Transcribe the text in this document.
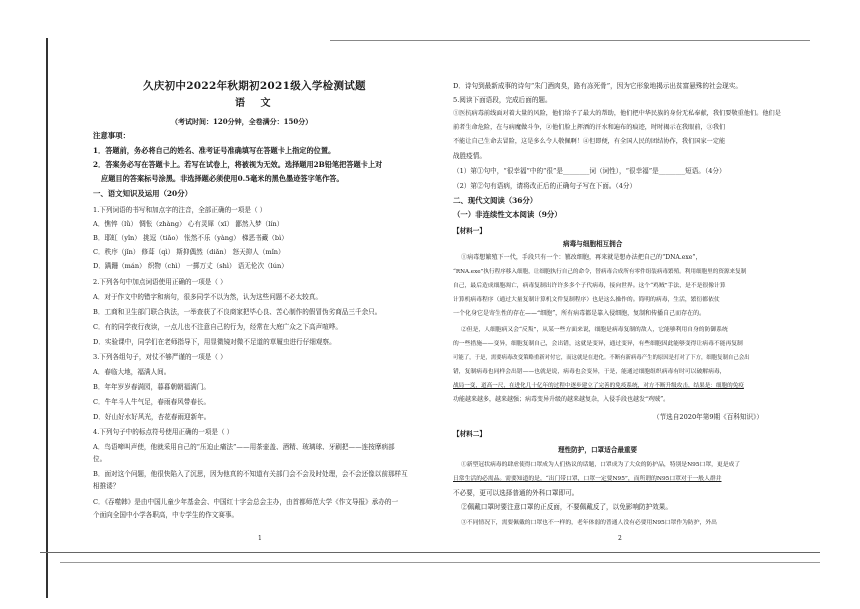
久庆初中2022年秋期初2021级入学检测试题
语 文
（考试时间：120分钟，全卷满分：150分）
注意事项：
1．答题前，务必将自己的姓名、准考证号准确填写在答题卡上指定的位置。
2．答案务必写在答题卡上。若写在试卷上，将被视为无效。选择题用2B铅笔把答题卡上对
应题目的答案标号涂黑。非选择题必须使用0.5毫米的黑色墨迹签字笔作答。
一、语文知识及运用（20分）
1.下列词语的书写和加点字的注音，全部正确的一项是（ ）
A．憔悴（lǜ） 惆怅（zhàng） 心有灵犀（xī） 鄙然入梦（lín）
B．耶虹（yǐn） 挑逗（tiǎo） 怅然不乐（yàng） 梯恶书藏（bì）
C．秩序（jǐn） 修葺（qì） 斯抑偶然（diǎn） 怒天抑人（mǐn）
D．蹒跚（mán） 织物（chì） 一掷万丈（shì） 语无伦次（lún）
2.下列各句中加点词语使用正确的一项是（ ）
A．对于作文中的错字和病句，很多同学不以为然，认为这些问题不必太较真。
B．工商和卫生部门联合执法，一举查获了不良商家把毕心良、苦心制作的假冒伪劣商品三千余只。
C．有的同学夜行夜读，一点儿也不注意自己的行为，经常在大庭广众之下高声喧哗。
D．实验课中，同学们在老师指导下，用显微镜对微不足道的草履虫进行仔细观察。
3.下列各组句子，对仗不够严谨的一项是（ ）
A．春临大地，福满人间。
B．年年岁岁春满园，暮暮朝朝福满门。
C．牛年斗人牛气足，春雨春风带春长。
D．好山好水好风光，杏花春雨迎新年。
4.下列句子中的标点符号使用正确的一项是（ ）
A．鸟语啼叫声使，他就采用自己的“压迫止痛法”——用茶壶盖、酒精、玻璃球、牙刷把——连按摩病部
位。
B．面对这个问题，他很快陷入了沉思，因为他真的不知道有关部门会不会及时处理，会不会还像以前那样互
相推诿？
C．《吞噬韩》是由中国儿童少年基金会、中国红十字会总会主办，由首都师范大学《作文导报》承办的一
个面向全国中小学各职高，中专学生的作文赛事。
1
D．诗句到最新成事的诗句“朱门酒肉臭，路有冻死骨”，因为它形象地揭示出贫富悬殊的社会现实。
5.阅读下面语段，完成后面的题。
①医抗病毒前线面对着大量的风险，他们给予了最大的帮助，他们把中华民族的身份无私奉献，我们要敬重他们。他们是
前者生命危险，在与病魔做斗争，②他们脸上挥洒的汗水和遍布的痕迹，时时揭示在我眼前，③我们
不能让自己生命去冒险，这是多么令人敬佩啊！④但即便，有全国人民的团结协作，我们国家一定能
战胜疫情。
（1）第①句中，“很幸福”中的“很”是________词（词性），“很幸福”是________短语。（4分）
（2）第②句有语病，请将改正后的正确句子写在下面。（4分）
二、现代文阅读（36分）
（一）非连续性文本阅读（9分）
【材料一】
病毒与细胞相互拥合
①病毒想繁殖下一代，手段只有一个：篡改细胞，再来就是想办法把自己的“DNA.exe”，
“RNA.exe”执行程序移入细胞，让细胞执行自己的命令，替病毒合成所有零件组装病毒繁殖。利用细胞里的资源来复制
自己，最后造成细胞凋亡，病毒复制出许许多多个子代病毒，接向世界。这个“鸡贼”手法，是不是很像计算
计算机病毒程序（通过大量复制计算机文件复制程序）也是这么操作的。简明的病毒，生活，繁衍都依仗
一个化身它是寄生性的存在——“细胞”，所有病毒都是靠入侵细胞，复制和传播自己而存在的。
②但是，人细胞病又会“反叛”，从某一些方面来说，细胞是病毒复制的敌人，它能够利用自身的防御系统
的一些措施——变异，细胞复制自己，会出错，这就是变异，通过变异，有些细胞因此能够变得让病毒不能再复制
可能了，于是，需要病毒改变策略重新对付它，而这就是在进化。不断有新病毒产生的原因是打对了下方，细胞复制自己会出
错，复制病毒也同样会出错——也就是说，病毒也会变异，于是，能通过细胞组织病毒有时可以破解病毒，
战局一变，道高一尺，在进化几十亿年的过程中逐步建立了完善的免疫系统，对方不断升级攻击，结果是：细胞的免疫
功能越来越多，越来越强；病毒变异升级的越来越复杂，入侵手段也越发“鸡贼”。
（节选自2020年第9期《百科知识》）
【材料二】
理性防护，口罩适合最重要
①新型冠状病毒的肆虐使得口罩成为人们热议的话题，口罩成为了大众的防护品，特别是N95口罩，更是成了
日常生活的必需品。需要知道的是，“出门带口罩，口罩一定要N95”，而所谓的N95口罩对于一般人群并
不必要，更可以选择普通的外科口罩即可。
②佩戴口罩时要注意口罩的正反面，不要佩戴反了，以免影响防护效果。
③不同情况下，需要佩戴的口罩也不一样的，老年体弱的普通人没有必要用N95口罩作为防护，外出
2
